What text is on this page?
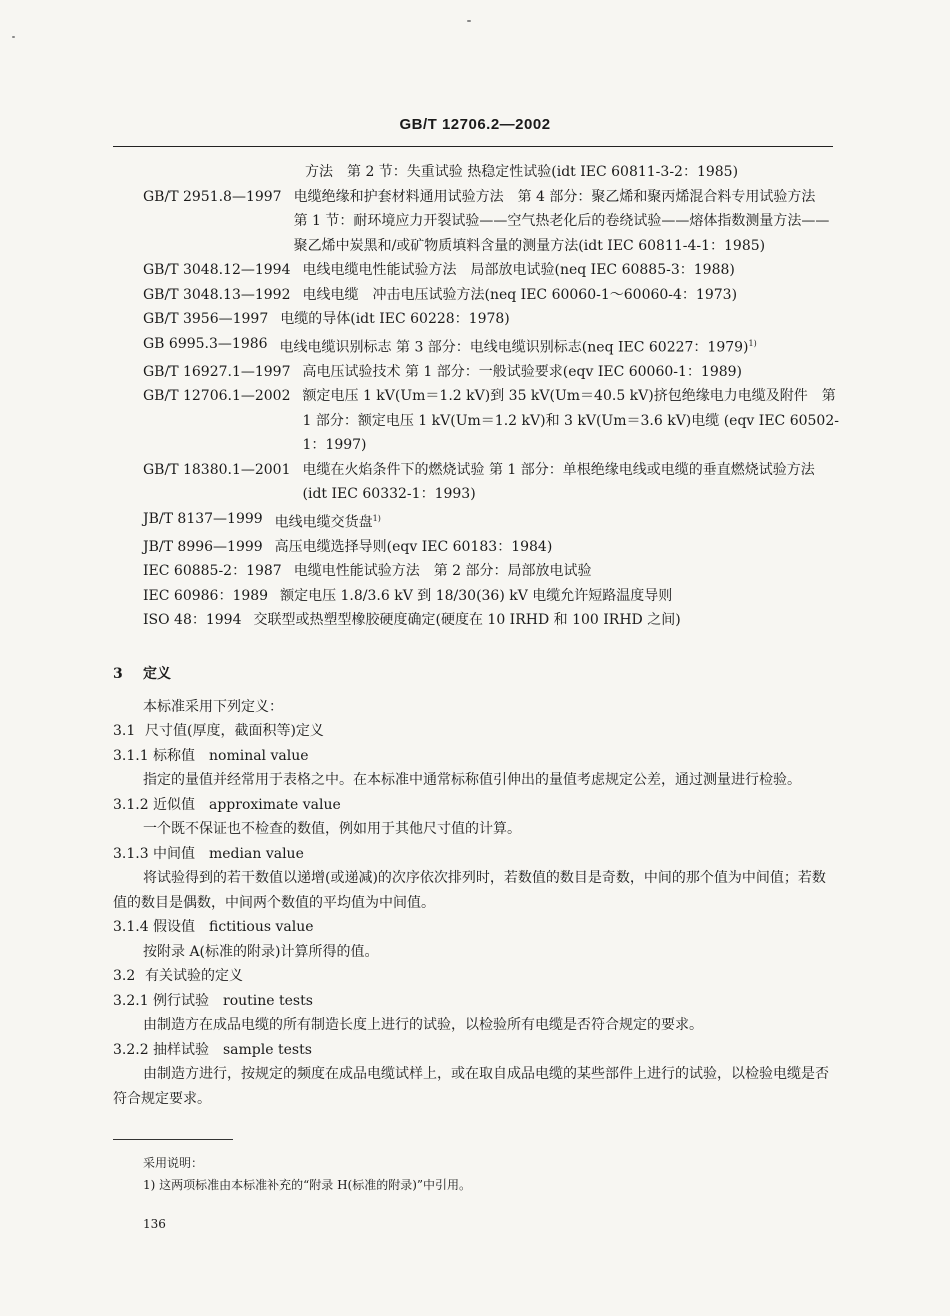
GB/T 12706.2—2002
方法　第 2 节：失重试验 热稳定性试验(idt IEC 60811-3-2：1985)
GB/T 2951.8—1997 电缆绝缘和护套材料通用试验方法　第 4 部分：聚乙烯和聚丙烯混合料专用试验方法　第 1 节：耐环境应力开裂试验——空气热老化后的卷绕试验——熔体指数测量方法——聚乙烯中炭黑和/或矿物质填料含量的测量方法(idt IEC 60811-4-1：1985)
GB/T 3048.12—1994 电线电缆电性能试验方法　局部放电试验(neq IEC 60885-3：1988)
GB/T 3048.13—1992 电线电缆　冲击电压试验方法(neq IEC 60060-1～60060-4：1973)
GB/T 3956—1997 电缆的导体(idt IEC 60228：1978)
GB 6995.3—1986 电线电缆识别标志 第 3 部分：电线电缆识别标志(neq IEC 60227：1979)$^{1)}$
GB/T 16927.1—1997 高电压试验技术 第 1 部分：一般试验要求(eqv IEC 60060-1：1989)
GB/T 12706.1—2002 额定电压 1 kV(Um＝1.2 kV)到 35 kV(Um＝40.5 kV)挤包绝缘电力电缆及附件　第 1 部分：额定电压 1 kV(Um＝1.2 kV)和 3 kV(Um＝3.6 kV)电缆 (eqv IEC 60502-1：1997)
GB/T 18380.1—2001 电缆在火焰条件下的燃烧试验 第 1 部分：单根绝缘电线或电缆的垂直燃烧试验方法 (idt IEC 60332-1：1993)
JB/T 8137—1999 电线电缆交货盘$^{1)}$
JB/T 8996—1999 高压电缆选择导则(eqv IEC 60183：1984)
IEC 60885-2：1987 电缆电性能试验方法　第 2 部分：局部放电试验
IEC 60986：1989 额定电压 1.8/3.6 kV 到 18/30(36) kV 电缆允许短路温度导则
ISO 48：1994 交联型或热塑型橡胶硬度确定(硬度在 10 IRHD 和 100 IRHD 之间)
3 定义
本标准采用下列定义：
3.1 尺寸值(厚度，截面积等)定义
3.1.1 标称值 nominal value
指定的量值并经常用于表格之中。在本标准中通常标称值引伸出的量值考虑规定公差，通过测量进行检验。
3.1.2 近似值 approximate value
一个既不保证也不检查的数值，例如用于其他尺寸值的计算。
3.1.3 中间值 median value
将试验得到的若干数值以递增(或递减)的次序依次排列时，若数值的数目是奇数，中间的那个值为中间值；若数值的数目是偶数，中间两个数值的平均值为中间值。
3.1.4 假设值 fictitious value
按附录 A(标准的附录)计算所得的值。
3.2 有关试验的定义
3.2.1 例行试验 routine tests
由制造方在成品电缆的所有制造长度上进行的试验，以检验所有电缆是否符合规定的要求。
3.2.2 抽样试验 sample tests
由制造方进行，按规定的频度在成品电缆试样上，或在取自成品电缆的某些部件上进行的试验，以检验电缆是否符合规定要求。
采用说明：
1) 这两项标准由本标准补充的“附录 H(标准的附录)”中引用。
136
